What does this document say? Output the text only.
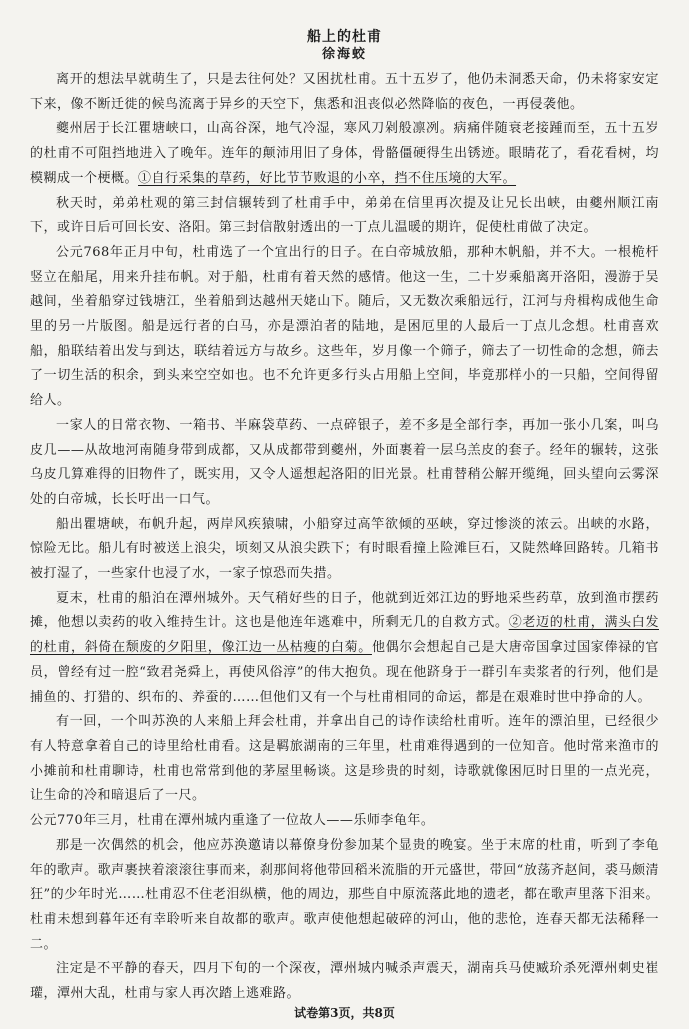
船上的杜甫
徐海蛟

离开的想法早就萌生了，只是去往何处？又困扰杜甫。五十五岁了，他仍未洞悉天命，仍未将家安定下来，像不断迁徙的候鸟流离于异乡的天空下，焦悉和沮丧似必然降临的夜色，一再侵袭他。

夔州居于长江瞿塘峡口，山高谷深，地气冷湿，寒风刀剁般凛冽。病痛伴随衰老接踵而至，五十五岁的杜甫不可阻挡地进入了晚年。连年的颠沛用旧了身体，骨骼僵硬得生出锈迹。眼睛花了，看花看树，均模糊成一个梗概。①自行采集的草药，好比节节败退的小卒，挡不住压境的大军。

秋天时，弟弟杜观的第三封信辗转到了杜甫手中，弟弟在信里再次提及让兄长出峡，由夔州顺江南下，或许日后可回长安、洛阳。第三封信散射透出的一丁点儿温暖的期许，促使杜甫做了决定。

公元768年正月中旬，杜甫选了一个宜出行的日子。在白帝城放船，那种木帆船，并不大。一根桅杆竖立在船尾，用来升挂布帆。对于船，杜甫有着天然的感情。他这一生，二十岁乘船离开洛阳，漫游于吴越间，坐着船穿过钱塘江，坐着船到达越州天姥山下。随后，又无数次乘船远行，江河与舟楫构成他生命里的另一片版图。船是远行者的白马，亦是漂泊者的陆地，是困厄里的人最后一丁点儿念想。杜甫喜欢船，船联结着出发与到达，联结着远方与故乡。这些年，岁月像一个筛子，筛去了一切性命的念想，筛去了一切生活的积余，到头来空空如也。也不允许更多行头占用船上空间，毕竟那样小的一只船，空间得留给人。

一家人的日常衣物、一箱书、半麻袋草药、一点碎银子，差不多是全部行李，再加一张小几案，叫乌皮几——从故地河南随身带到成都，又从成都带到夔州，外面裹着一层乌羔皮的套子。经年的辗转，这张乌皮几算难得的旧物件了，既实用，又令人遥想起洛阳的旧光景。杜甫替稍公解开缆绳，回头望向云雾深处的白帝城，长长吁出一口气。

船出瞿塘峡，布帆升起，两岸风疾猿啸，小船穿过高竿欲倾的巫峡，穿过惨淡的浓云。出峡的水路，惊险无比。船儿有时被送上浪尖，顷刻又从浪尖跌下；有时眼看撞上险滩巨石，又陡然峰回路转。几箱书被打湿了，一些家什也浸了水，一家子惊恐而失措。

夏末，杜甫的船泊在潭州城外。天气稍好些的日子，他就到近郊江边的野地采些药草，放到渔市摆药摊，他想以卖药的收入维持生计。这也是他连年逃难中，所剩无几的自救方式。②老迈的杜甫，满头白发的杜甫，斜倚在颓废的夕阳里，像江边一丛枯瘦的白菊。他偶尔会想起自己是大唐帝国拿过国家俸禄的官员，曾经有过一腔“致君尧舜上，再使风俗淳”的伟大抱负。现在他跻身于一群引车卖浆者的行列，他们是捕鱼的、打猎的、织布的、养蚕的……但他们又有一个与杜甫相同的命运，都是在艰难时世中挣命的人。

有一回，一个叫苏涣的人来船上拜会杜甫，并拿出自己的诗作读给杜甫听。连年的漂泊里，已经很少有人特意拿着自己的诗里给杜甫看。这是羁旅湖南的三年里，杜甫难得遇到的一位知音。他时常来渔市的小摊前和杜甫聊诗，杜甫也常常到他的茅屋里畅谈。这是珍贵的时刻，诗歌就像困厄时日里的一点光亮，让生命的冷和暗退后了一尺。

公元770年三月，杜甫在潭州城内重逢了一位故人——乐师李龟年。

那是一次偶然的机会，他应苏涣邀请以幕僚身份参加某个显贵的晚宴。坐于末席的杜甫，听到了李龟年的歌声。歌声裹挟着滚滚往事而来，刹那间将他带回稻米流脂的开元盛世，带回“放荡齐赵间，裘马颇清狂”的少年时光……杜甫忍不住老泪纵横，他的周边，那些自中原流落此地的遗老，都在歌声里落下泪来。杜甫未想到暮年还有幸聆听来自故都的歌声。歌声使他想起破碎的河山，他的悲怆，连春天都无法稀释一二。

注定是不平静的春天，四月下旬的一个深夜，潭州城内喊杀声震天，湖南兵马使臧玠杀死潭州刺史崔瓘，潭州大乱，杜甫与家人再次踏上逃难路。

试卷第3页，共8页
